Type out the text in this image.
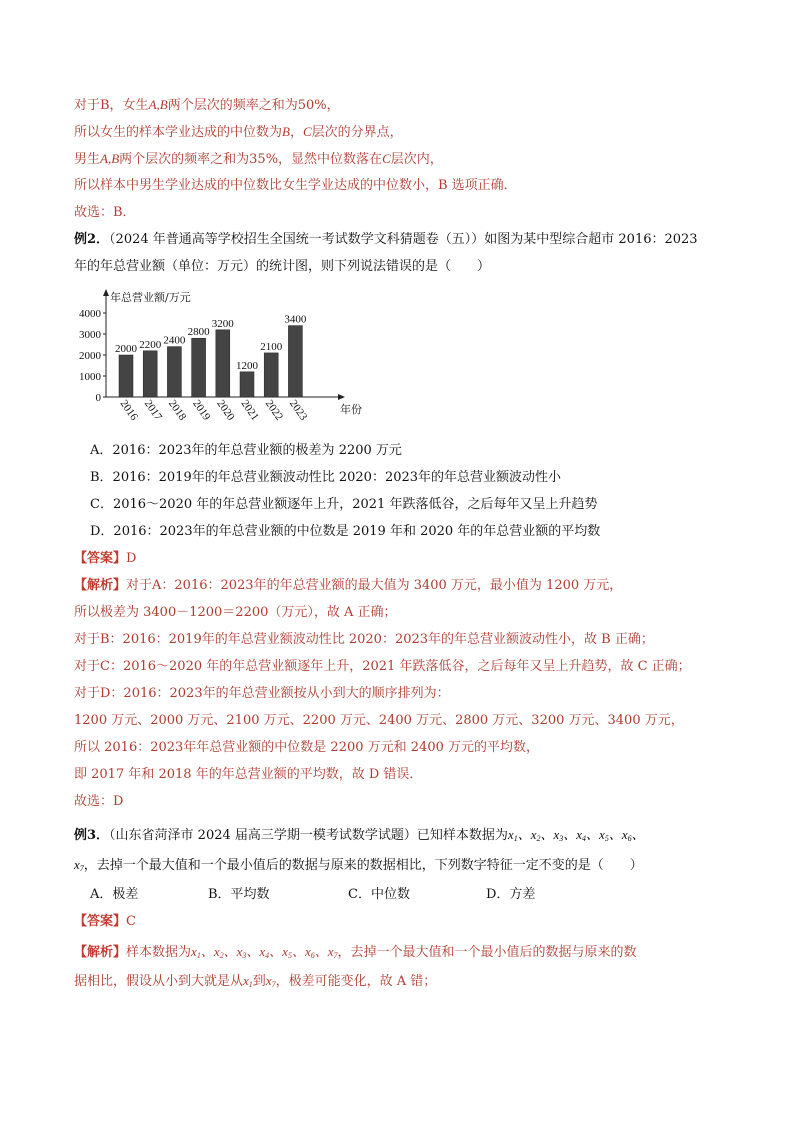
对于B，女生A,B两个层次的频率之和为50%，
所以女生的样本学业达成的中位数为B，C层次的分界点，
男生A,B两个层次的频率之和为35%，显然中位数落在C层次内，
所以样本中男生学业达成的中位数比女生学业达成的中位数小，B 选项正确．
故选：B．
例2．（2024 年普通高等学校招生全国统一考试数学文科猜题卷（五））如图为某中型综合超市 2016：2023
年的年总营业额（单位：万元）的统计图，则下列说法错误的是（　　）
年总营业额/万元
年份
0
1000
2000
3000
4000
2000
2016
2200
2017
2400
2018
2800
2019
3200
2020
1200
2021
2100
2022
3400
2023
A．2016：2023年的年总营业额的极差为 2200 万元
B．2016：2019年的年总营业额波动性比 2020：2023年的年总营业额波动性小
C．2016～2020 年的年总营业额逐年上升，2021 年跌落低谷，之后每年又呈上升趋势
D．2016：2023年的年总营业额的中位数是 2019 年和 2020 年的年总营业额的平均数
【答案】D
【解析】对于A：2016：2023年的年总营业额的最大值为 3400 万元，最小值为 1200 万元，
所以极差为 3400－1200＝2200（万元），故 A 正确；
对于B：2016：2019年的年总营业额波动性比 2020：2023年的年总营业额波动性小，故 B 正确；
对于C：2016～2020 年的年总营业额逐年上升，2021 年跌落低谷，之后每年又呈上升趋势，故 C 正确；
对于D：2016：2023年的年总营业额按从小到大的顺序排列为：
1200 万元、2000 万元、2100 万元、2200 万元、2400 万元、2800 万元、3200 万元、3400 万元，
所以 2016：2023年年总营业额的中位数是 2200 万元和 2400 万元的平均数，
即 2017 年和 2018 年的年总营业额的平均数，故 D 错误．
故选：D
例3．（山东省菏泽市 2024 届高三学期一模考试数学试题）已知样本数据为$x_1$、$x_2$、$x_3$、$x_4$、$x_5$、$x_6$、
$x_7$，去掉一个最大值和一个最小值后的数据与原来的数据相比，下列数字特征一定不变的是（　　）
A．极差	B．平均数	C．中位数	D．方差
【答案】C
【解析】样本数据为$x_1$、$x_2$、$x_3$、$x_4$、$x_5$、$x_6$、$x_7$，去掉一个最大值和一个最小值后的数据与原来的数
据相比，假设从小到大就是从$x_1$到$x_7$，极差可能变化，故 A 错；
